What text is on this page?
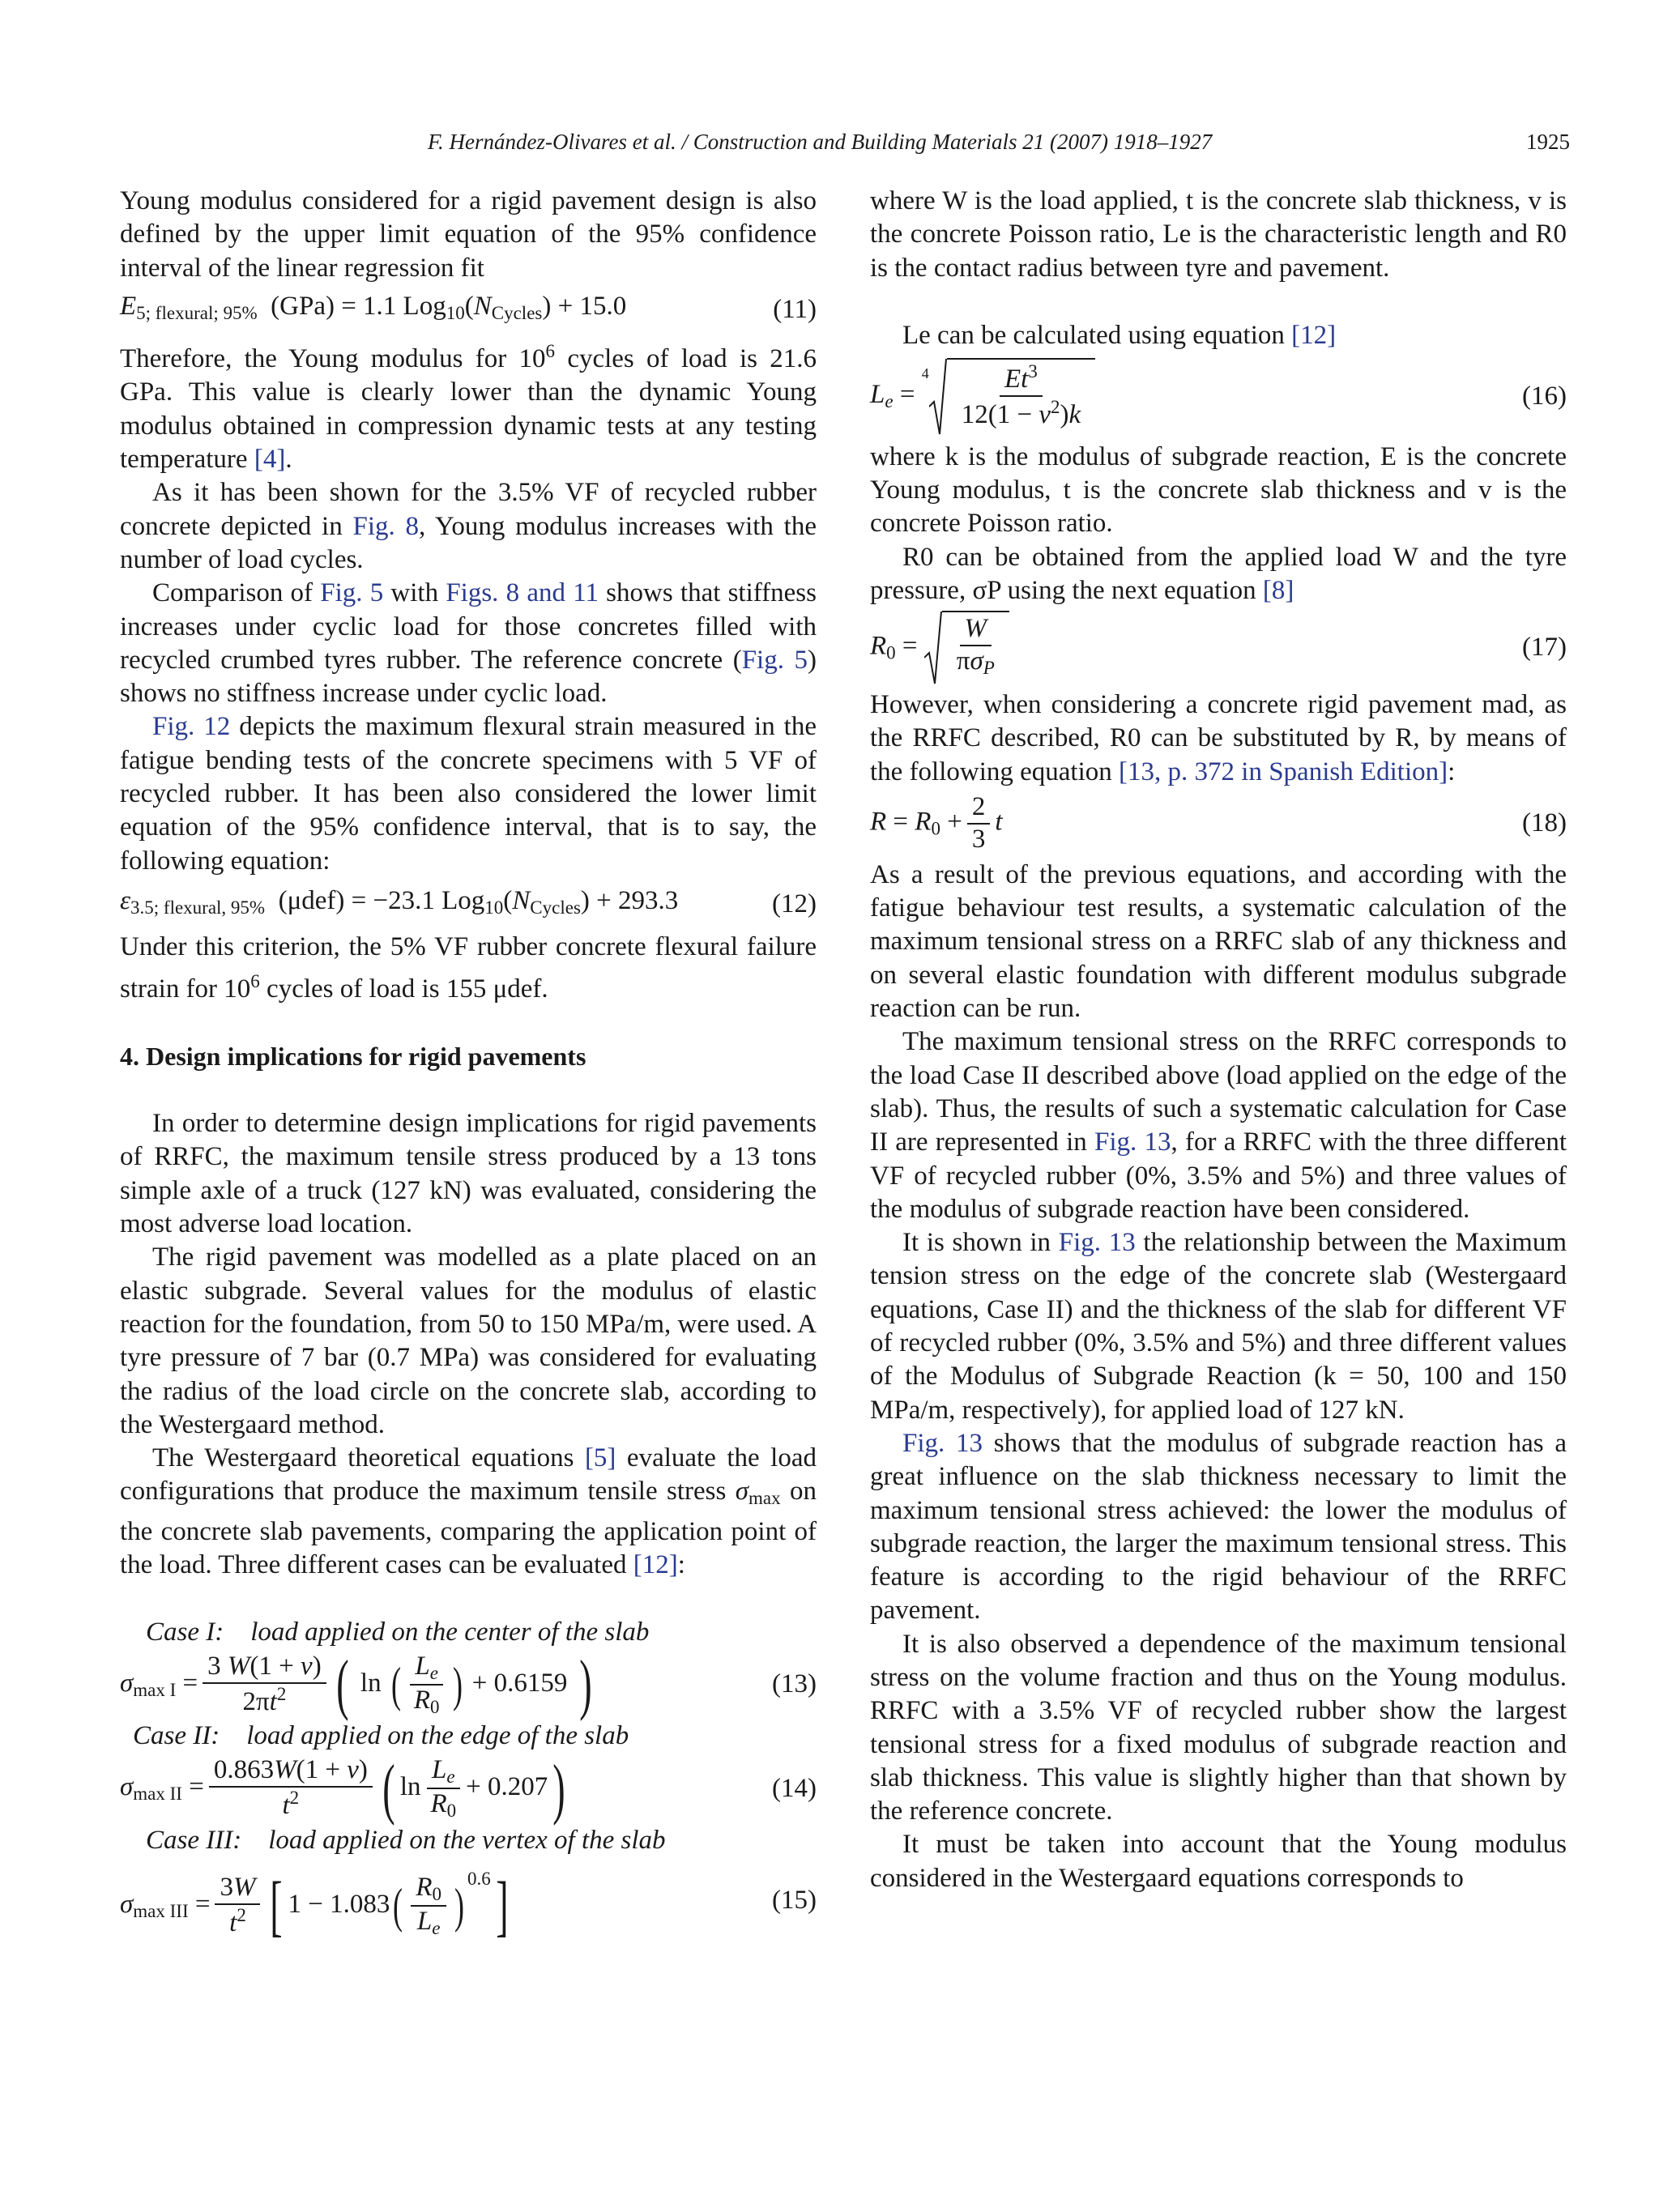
F. Hernández-Olivares et al. / Construction and Building Materials 21 (2007) 1918–1927	1925

Young modulus considered for a rigid pavement design is also defined by the upper limit equation of the 95% confidence interval of the linear regression fit

$E_{5; flexural; 95\%}$  (GPa) = 1.1 $Log_{10}(N_{Cycles}) + 15.0$	(11)

Therefore, the Young modulus for $10^6$ cycles of load is 21.6 GPa. This value is clearly lower than the dynamic Young modulus obtained in compression dynamic tests at any testing temperature [4].

As it has been shown for the 3.5% VF of recycled rubber concrete depicted in Fig. 8, Young modulus increases with the number of load cycles.

Comparison of Fig. 5 with Figs. 8 and 11 shows that stiffness increases under cyclic load for those concretes filled with recycled crumbed tyres rubber. The reference concrete (Fig. 5) shows no stiffness increase under cyclic load.

Fig. 12 depicts the maximum flexural strain measured in the fatigue bending tests of the concrete specimens with 5 VF of recycled rubber. It has been also considered the lower limit equation of the 95% confidence interval, that is to say, the following equation:

$\varepsilon_{3.5; flexural, 95\%}$  (μdef) = −23.1 $Log_{10}(N_{Cycles}) + 293.3$	(12)

Under this criterion, the 5% VF rubber concrete flexural failure strain for $10^6$ cycles of load is 155 μdef.

4. Design implications for rigid pavements

In order to determine design implications for rigid pavements of RRFC, the maximum tensile stress produced by a 13 tons simple axle of a truck (127 kN) was evaluated, considering the most adverse load location.

The rigid pavement was modelled as a plate placed on an elastic subgrade. Several values for the modulus of elastic reaction for the foundation, from 50 to 150 MPa/m, were used. A tyre pressure of 7 bar (0.7 MPa) was considered for evaluating the radius of the load circle on the concrete slab, according to the Westergaard method.

The Westergaard theoretical equations [5] evaluate the load configurations that produce the maximum tensile stress $\sigma_{max}$ on the concrete slab pavements, comparing the application point of the load. Three different cases can be evaluated [12]:

Case I:    load applied on the center of the slab

$\sigma_{max I} = \frac{3 W(1 + v)}{2\pi t^2}$ ( ln ( $\frac{L_e}{R_0}$ ) + 0.6159 )	(13)

Case II:    load applied on the edge of the slab

$\sigma_{max II} = \frac{0.863W(1 + v)}{t^2}$ ( $\ln \frac{L_e}{R_0} + 0.207$)	(14)

Case III:    load applied on the vertex of the slab

$\sigma_{max III} = \frac{3W}{t^2}$ [ $1 - 1.083( \frac{R_0}{L_e} )^{0.6}$]	(15)

where W is the load applied, t is the concrete slab thickness, v is the concrete Poisson ratio, Le is the characteristic length and R0 is the contact radius between tyre and pavement.

Le can be calculated using equation [12]

$L_e = ^4 \frac{Et^3}{12(1 - v^2)k}$	(16)

where k is the modulus of subgrade reaction, E is the concrete Young modulus, t is the concrete slab thickness and v is the concrete Poisson ratio.

R0 can be obtained from the applied load W and the tyre pressure, σP using the next equation [8]

$R_0 = \frac{W}{\pi\sigma_P}$	(17)

However, when considering a concrete rigid pavement mad, as the RRFC described, R0 can be substituted by R, by means of the following equation [13, p. 372 in Spanish Edition]:

$R = R_0 + \frac{2}{3}$ t	(18)

As a result of the previous equations, and according with the fatigue behaviour test results, a systematic calculation of the maximum tensional stress on a RRFC slab of any thickness and on several elastic foundation with different modulus subgrade reaction can be run.

The maximum tensional stress on the RRFC corresponds to the load Case II described above (load applied on the edge of the slab). Thus, the results of such a systematic calculation for Case II are represented in Fig. 13, for a RRFC with the three different VF of recycled rubber (0%, 3.5% and 5%) and three values of the modulus of subgrade reaction have been considered.

It is shown in Fig. 13 the relationship between the Maximum tension stress on the edge of the concrete slab (Westergaard equations, Case II) and the thickness of the slab for different VF of recycled rubber (0%, 3.5% and 5%) and three different values of the Modulus of Subgrade Reaction (k = 50, 100 and 150 MPa/m, respectively), for applied load of 127 kN.

Fig. 13 shows that the modulus of subgrade reaction has a great influence on the slab thickness necessary to limit the maximum tensional stress achieved: the lower the modulus of subgrade reaction, the larger the maximum tensional stress. This feature is according to the rigid behaviour of the RRFC pavement.

It is also observed a dependence of the maximum tensional stress on the volume fraction and thus on the Young modulus. RRFC with a 3.5% VF of recycled rubber show the largest tensional stress for a fixed modulus of subgrade reaction and slab thickness. This value is slightly higher than that shown by the reference concrete.

It must be taken into account that the Young modulus considered in the Westergaard equations corresponds to
